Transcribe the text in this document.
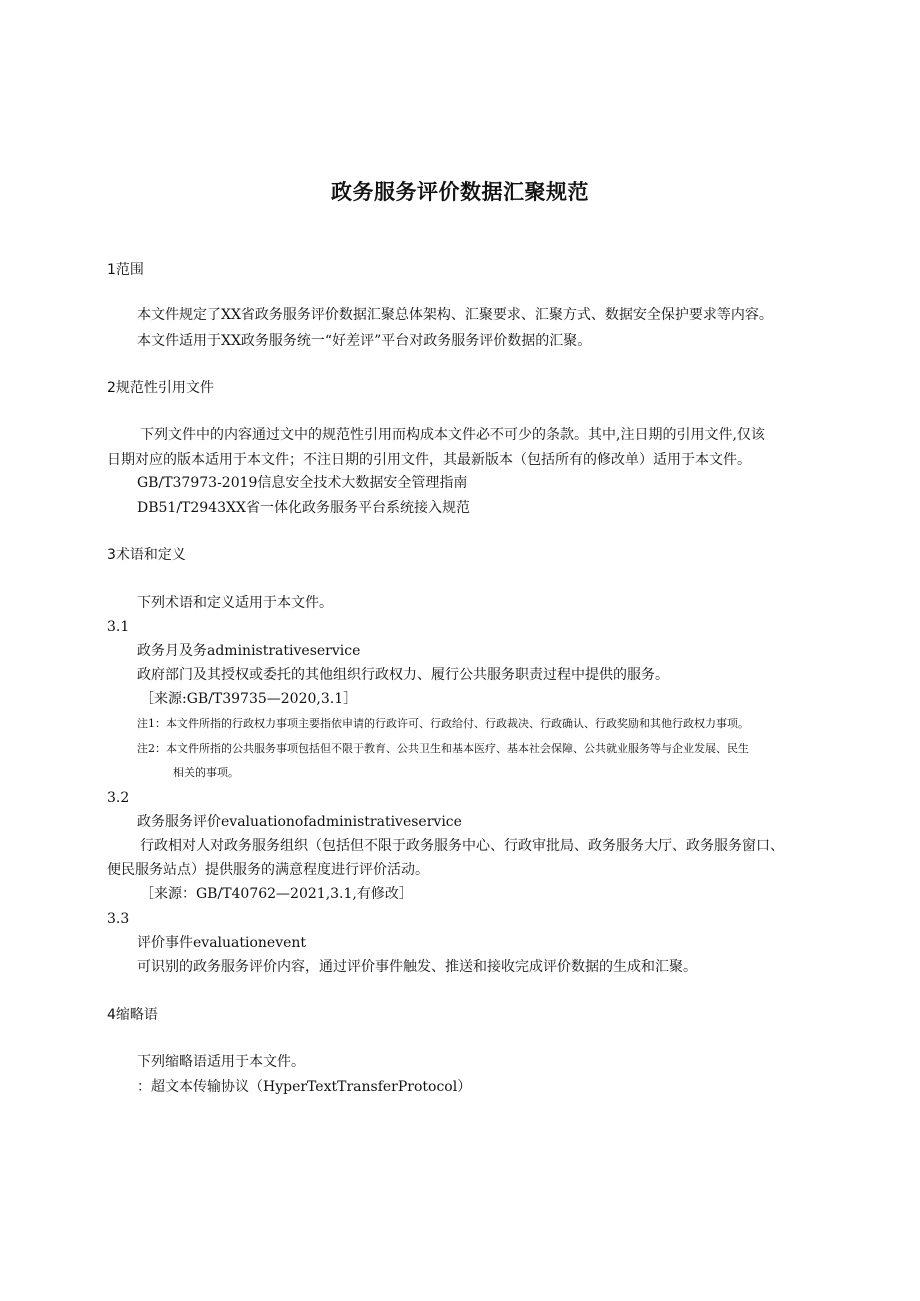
政务服务评价数据汇聚规范
1范围
本文件规定了XX省政务服务评价数据汇聚总体架构、汇聚要求、汇聚方式、数据安全保护要求等内容。
本文件适用于XX政务服务统一“好差评”平台对政务服务评价数据的汇聚。
2规范性引用文件
下列文件中的内容通过文中的规范性引用而构成本文件必不可少的条款。其中,注日期的引用文件,仅该
日期对应的版本适用于本文件；不注日期的引用文件，其最新版本（包括所有的修改单）适用于本文件。
GB/T37973-2019信息安全技术大数据安全管理指南
DB51/T2943XX省一体化政务服务平台系统接入规范
3术语和定义
下列术语和定义适用于本文件。
3.1
政务月及务administrativeservice
政府部门及其授权或委托的其他组织行政权力、履行公共服务职责过程中提供的服务。
［来源:GB/T39735—2020,3.1］
注1：本文件所指的行政权力事项主要指依申请的行政许可、行政给付、行政裁决、行政确认、行政奖励和其他行政权力事项。
注2：本文件所指的公共服务事项包括但不限于教育、公共卫生和基本医疗、基本社会保障、公共就业服务等与企业发展、民生
相关的事项。
3.2
政务服务评价evaluationofadministrativeservice
行政相对人对政务服务组织（包括但不限于政务服务中心、行政审批局、政务服务大厅、政务服务窗口、
便民服务站点）提供服务的满意程度进行评价活动。
［来源：GB/T40762—2021,3.1,有修改］
3.3
评价事件evaluationevent
可识别的政务服务评价内容，通过评价事件触发、推送和接收完成评价数据的生成和汇聚。
4缩略语
下列缩略语适用于本文件。
：超文本传输协议（HyperTextTransferProtocol）
